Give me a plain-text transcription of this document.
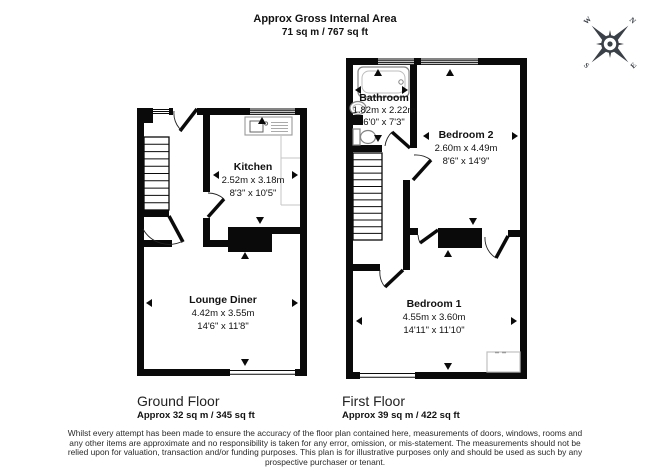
Approx Gross Internal Area
71 sq m / 767 sq ft
W	N
S	E
Kitchen
2.52m x 3.18m
8'3" x 10'5"
Lounge Diner
4.42m x 3.55m
14'6" x 11'8"
Bathroom
1.82m x 2.22m
6'0" x 7'3"
Bedroom 2
2.60m x 4.49m
8'6" x 14'9"
Bedroom 1
4.55m x 3.60m
14'11" x 11'10"
Ground Floor
Approx 32 sq m / 345 sq ft
First Floor
Approx 39 sq m / 422 sq ft
Whilst every attempt has been made to ensure the accuracy of the floor plan contained here, measurements of doors, windows, rooms and
any other items are approximate and no responsibility is taken for any error, omission, or mis-statement. The measurements should not be
relied upon for valuation, transaction and/or funding purposes. This plan is for illustrative purposes only and should be used as such by any
prospective purchaser or tenant.
